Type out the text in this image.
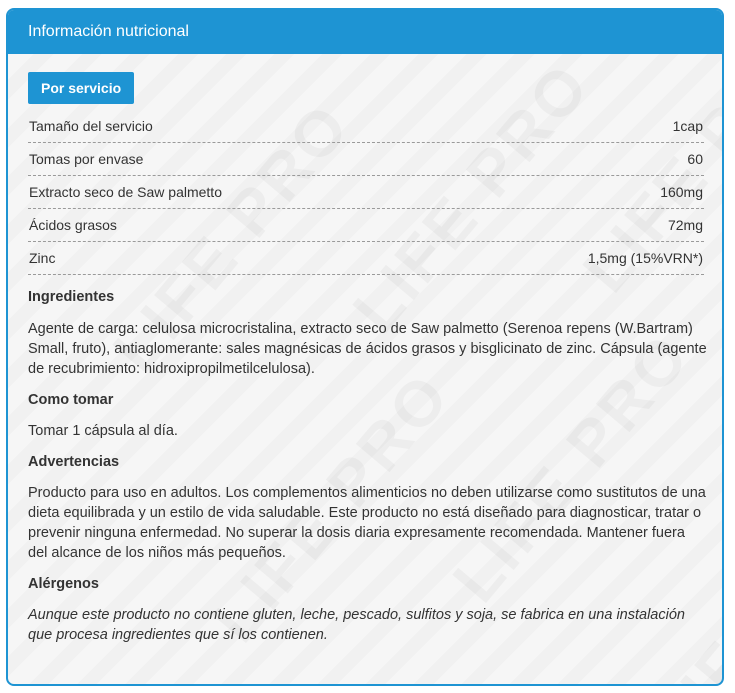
Información nutricional
Por servicio
Tamaño del servicio	1cap
Tomas por envase	60
Extracto seco de Saw palmetto	160mg
Ácidos grasos	72mg
Zinc	1,5mg (15%VRN*)
Ingredientes
Agente de carga: celulosa microcristalina, extracto seco de Saw palmetto (Serenoa repens (W.Bartram) Small, fruto), antiaglomerante: sales magnésicas de ácidos grasos y bisglicinato de zinc. Cápsula (agente de recubrimiento: hidroxipropilmetilcelulosa).
Como tomar
Tomar 1 cápsula al día.
Advertencias
Producto para uso en adultos. Los complementos alimenticios no deben utilizarse como sustitutos de una dieta equilibrada y un estilo de vida saludable. Este producto no está diseñado para diagnosticar, tratar o prevenir ninguna enfermedad. No superar la dosis diaria expresamente recomendada. Mantener fuera del alcance de los niños más pequeños.
Alérgenos
Aunque este producto no contiene gluten, leche, pescado, sulfitos y soja, se fabrica en una instalación que procesa ingredientes que sí los contienen.
